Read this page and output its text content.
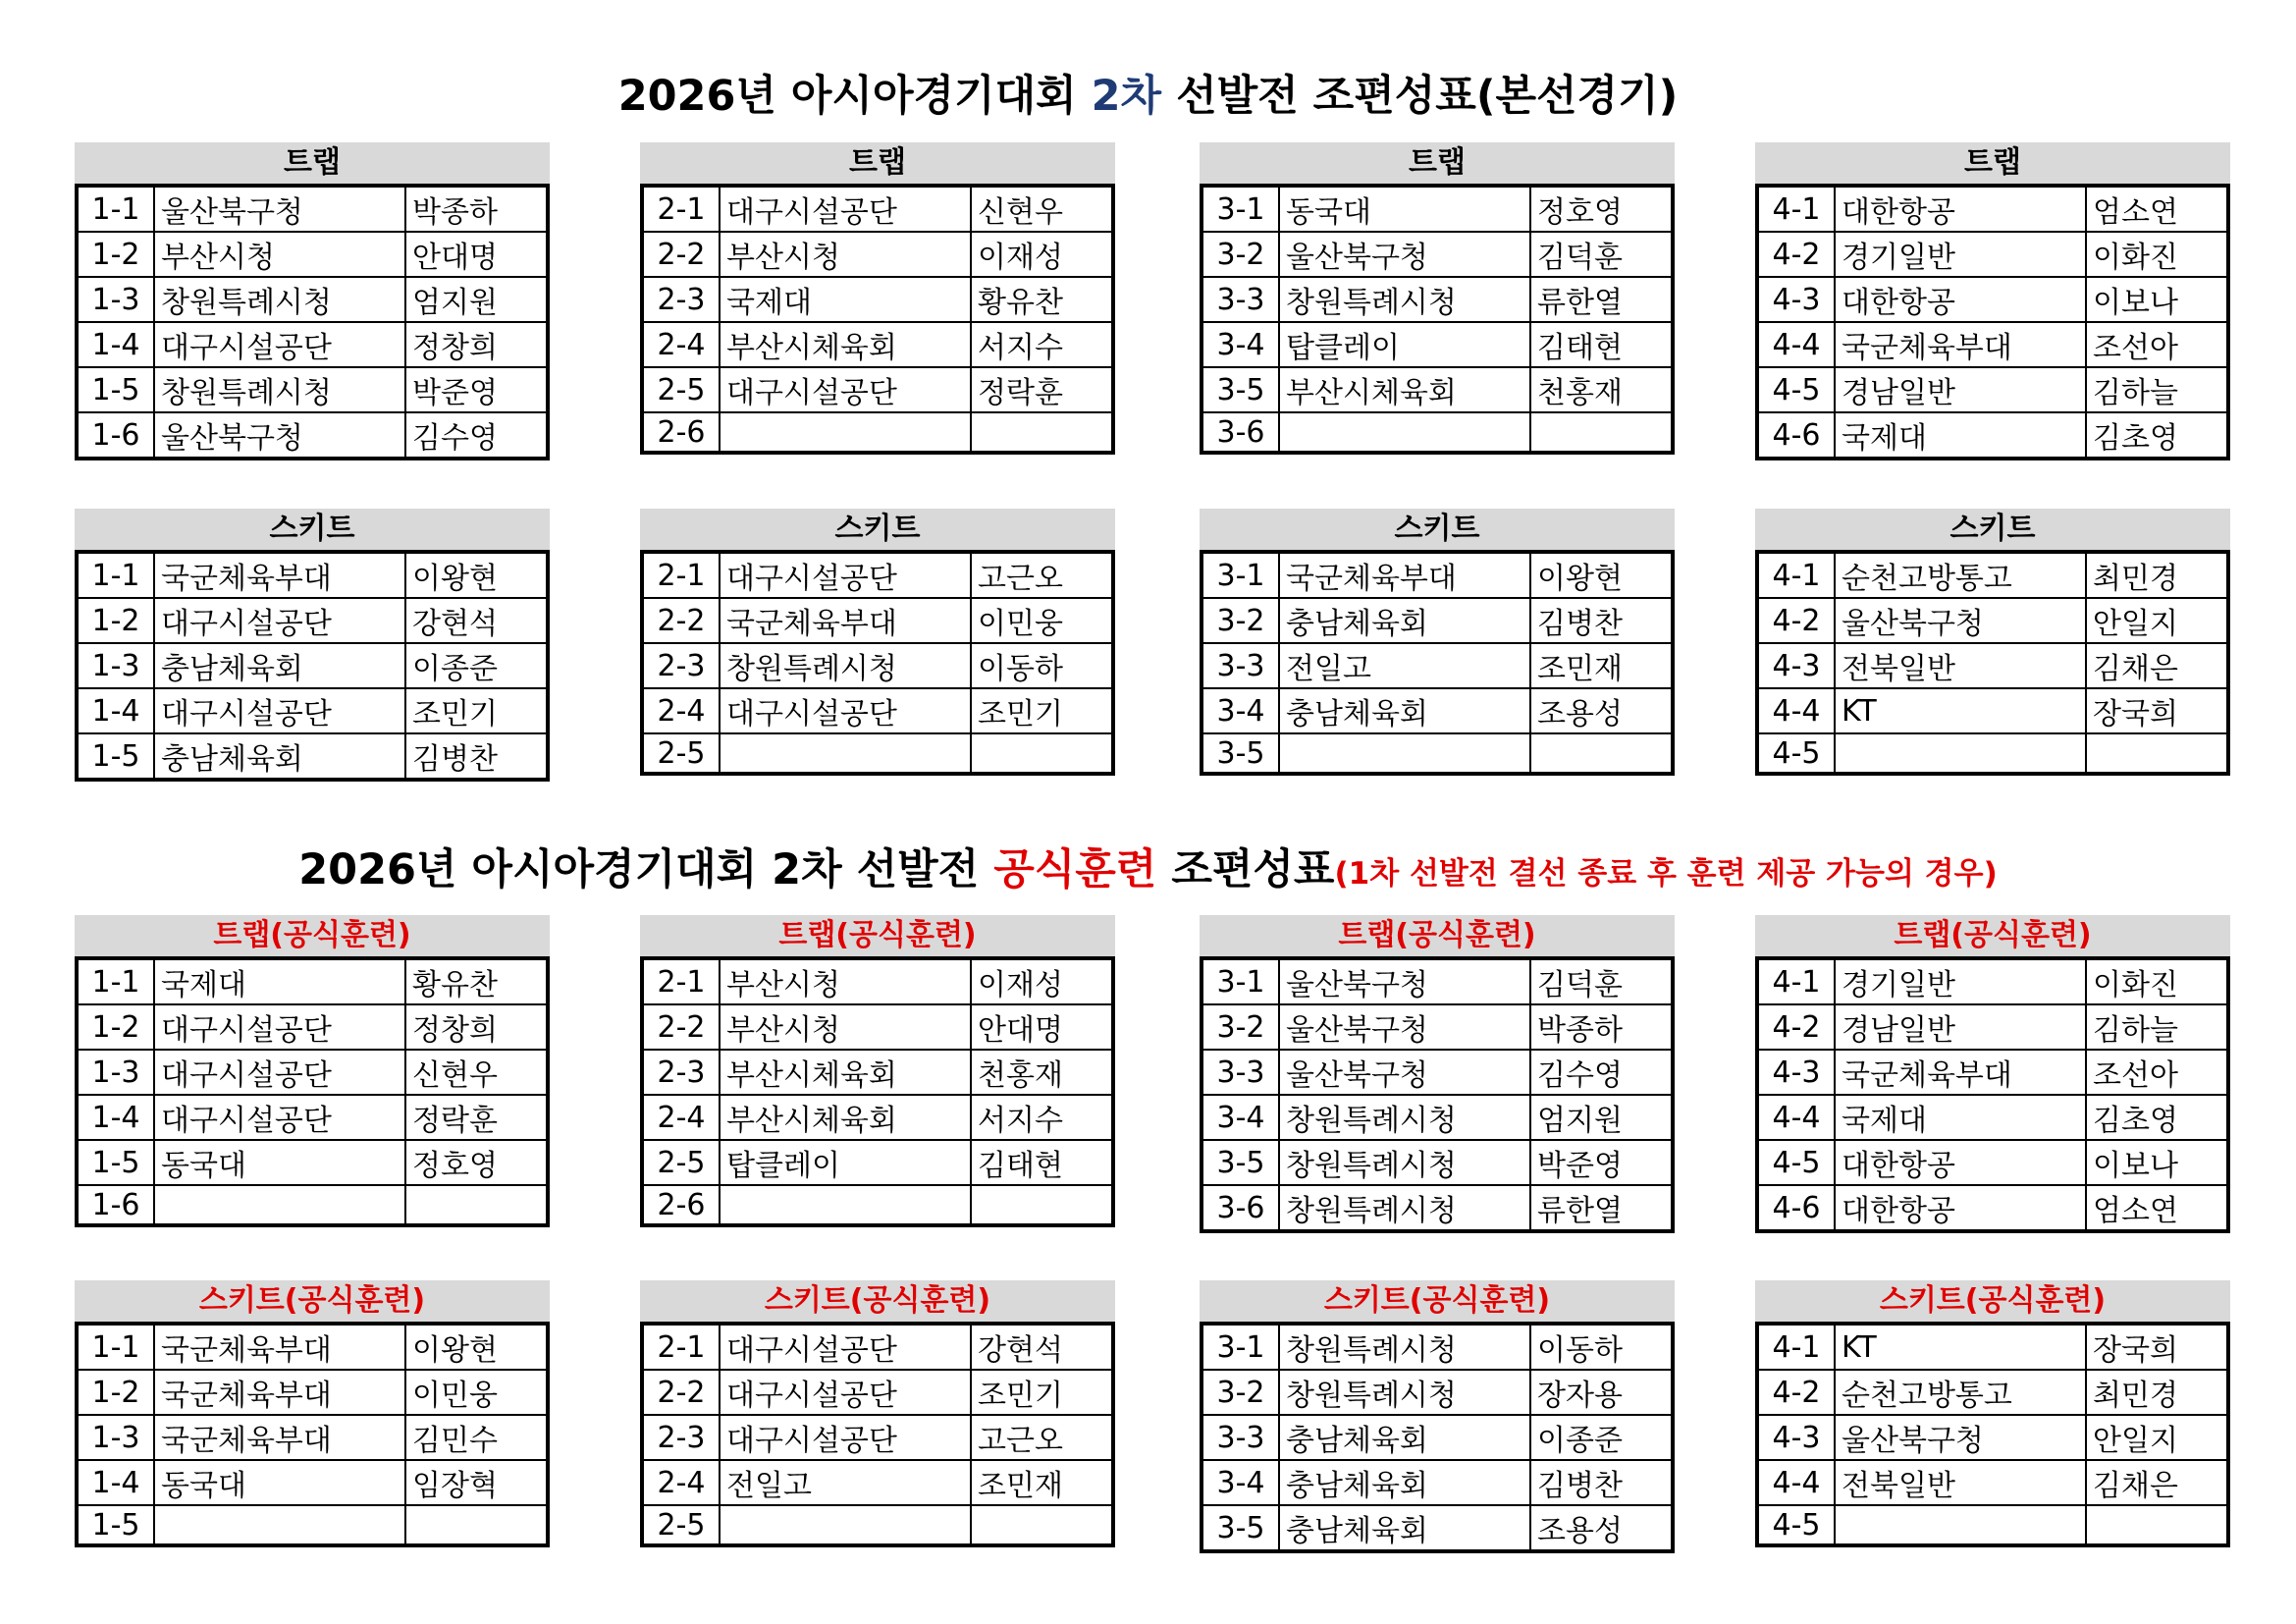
2026년 아시아경기대회 2차 선발전 조편성표(본선경기)
2026년 아시아경기대회 2차 선발전 공식훈련 조편성표(1차 선발전 결선 종료 후 훈련 제공 가능의 경우)
트랩
1-1	울산북구청	박종하
1-2	부산시청	안대명
1-3	창원특례시청	엄지원
1-4	대구시설공단	정창희
1-5	창원특례시청	박준영
1-6	울산북구청	김수영
트랩
2-1	대구시설공단	신현우
2-2	부산시청	이재성
2-3	국제대	황유찬
2-4	부산시체육회	서지수
2-5	대구시설공단	정락훈
2-6		
트랩
3-1	동국대	정호영
3-2	울산북구청	김덕훈
3-3	창원특례시청	류한열
3-4	탑클레이	김태현
3-5	부산시체육회	천홍재
3-6		
트랩
4-1	대한항공	엄소연
4-2	경기일반	이화진
4-3	대한항공	이보나
4-4	국군체육부대	조선아
4-5	경남일반	김하늘
4-6	국제대	김초영
스키트
1-1	국군체육부대	이왕현
1-2	대구시설공단	강현석
1-3	충남체육회	이종준
1-4	대구시설공단	조민기
1-5	충남체육회	김병찬
스키트
2-1	대구시설공단	고근오
2-2	국군체육부대	이민웅
2-3	창원특례시청	이동하
2-4	대구시설공단	조민기
2-5		
스키트
3-1	국군체육부대	이왕현
3-2	충남체육회	김병찬
3-3	전일고	조민재
3-4	충남체육회	조용성
3-5		
스키트
4-1	순천고방통고	최민경
4-2	울산북구청	안일지
4-3	전북일반	김채은
4-4	KT	장국희
4-5		
트랩(공식훈련)
1-1	국제대	황유찬
1-2	대구시설공단	정창희
1-3	대구시설공단	신현우
1-4	대구시설공단	정락훈
1-5	동국대	정호영
1-6		
트랩(공식훈련)
2-1	부산시청	이재성
2-2	부산시청	안대명
2-3	부산시체육회	천홍재
2-4	부산시체육회	서지수
2-5	탑클레이	김태현
2-6		
트랩(공식훈련)
3-1	울산북구청	김덕훈
3-2	울산북구청	박종하
3-3	울산북구청	김수영
3-4	창원특례시청	엄지원
3-5	창원특례시청	박준영
3-6	창원특례시청	류한열
트랩(공식훈련)
4-1	경기일반	이화진
4-2	경남일반	김하늘
4-3	국군체육부대	조선아
4-4	국제대	김초영
4-5	대한항공	이보나
4-6	대한항공	엄소연
스키트(공식훈련)
1-1	국군체육부대	이왕현
1-2	국군체육부대	이민웅
1-3	국군체육부대	김민수
1-4	동국대	임장혁
1-5		
스키트(공식훈련)
2-1	대구시설공단	강현석
2-2	대구시설공단	조민기
2-3	대구시설공단	고근오
2-4	전일고	조민재
2-5		
스키트(공식훈련)
3-1	창원특례시청	이동하
3-2	창원특례시청	장자용
3-3	충남체육회	이종준
3-4	충남체육회	김병찬
3-5	충남체육회	조용성
스키트(공식훈련)
4-1	KT	장국희
4-2	순천고방통고	최민경
4-3	울산북구청	안일지
4-4	전북일반	김채은
4-5		
